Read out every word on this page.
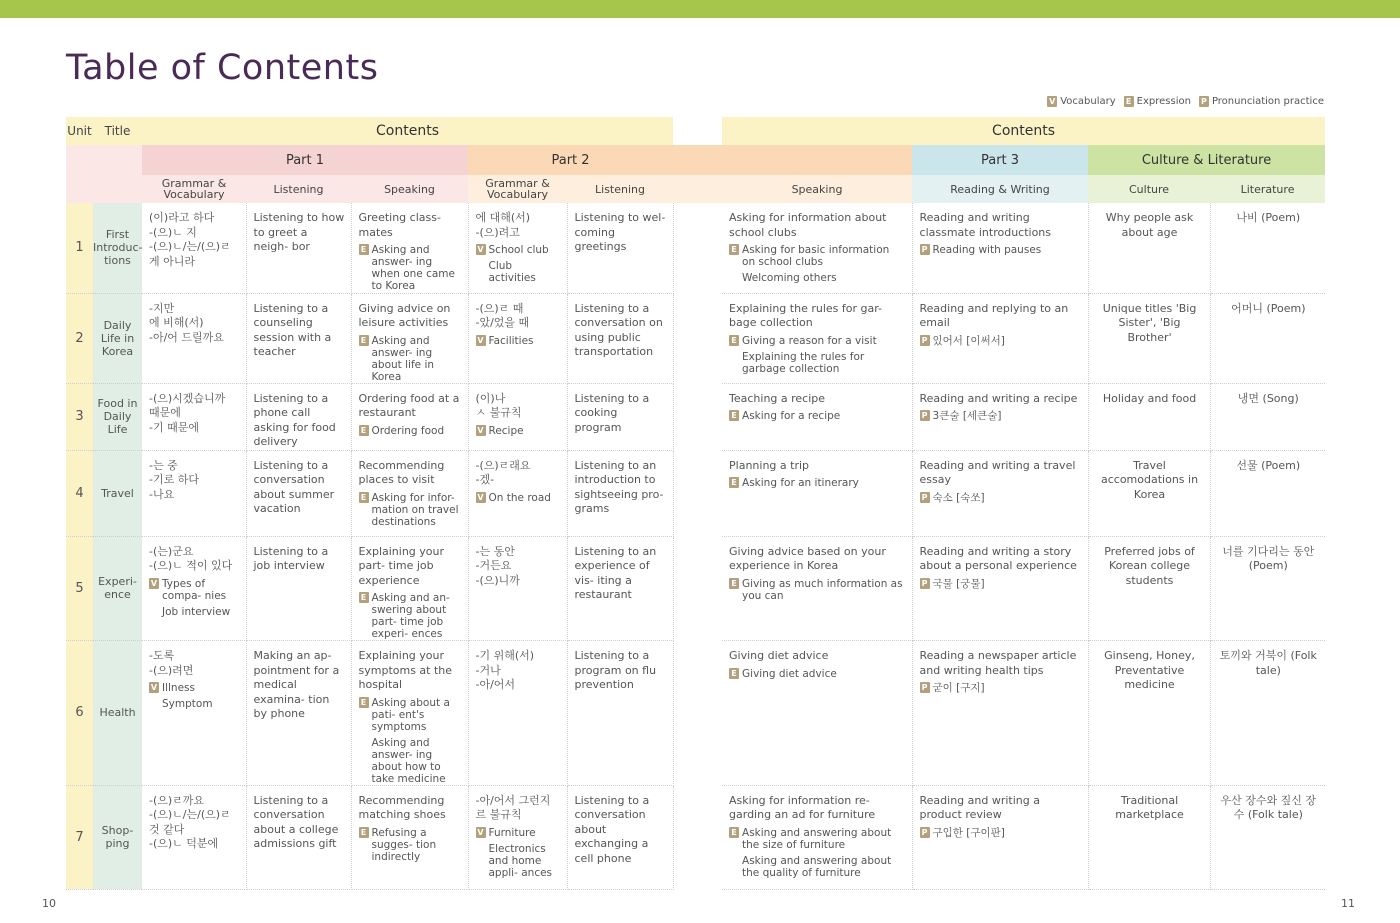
Table of Contents
V Vocabulary E Expression P Pronunciation practice
Unit	Title	Contents						Contents			
		Part 1			Part 2				Part 3	Culture & Literature	
		Grammar & Vocabulary	Listening	Speaking	Grammar & Vocabulary	Listening		Speaking	Reading & Writing	Culture	Literature
1	First Introduc- tions	(이)라고 하다
-(으)ㄴ 지
-(으)ㄴ/는/(으)ㄹ 게 아니라	Listening to how to greet a neigh- bor	Greeting class- mates
E Asking and answer- ing when one came to Korea	에 대해(서)
-(으)려고
V School club
Club activities	Listening to wel- coming greetings		Asking for information about school clubs
E Asking for basic information on school clubs
Welcoming others	Reading and writing classmate introductions
P Reading with pauses	Why people ask about age	나비 (Poem)
2	Daily Life in Korea	-지만
에 비해(서)
-아/어 드릴까요	Listening to a counseling session with a teacher	Giving advice on leisure activities
E Asking and answer- ing about life in Korea	-(으)ㄹ 때
-았/었을 때
V Facilities	Listening to a conversation on using public transportation		Explaining the rules for gar- bage collection
E Giving a reason for a visit
Explaining the rules for garbage collection	Reading and replying to an email
P 있어서 [이써서]	Unique titles 'Big Sister', 'Big Brother'	어머니 (Poem)
3	Food in Daily Life	-(으)시겠습니까
때문에
-기 때문에	Listening to a phone call asking for food delivery	Ordering food at a restaurant
E Ordering food	(이)나
ㅅ 불규칙
V Recipe	Listening to a cooking program		Teaching a recipe
E Asking for a recipe	Reading and writing a recipe
P 3큰술 [세큰술]	Holiday and food	냉면 (Song)
4	Travel	-는 중
-기로 하다
-나요	Listening to a conversation about summer vacation	Recommending places to visit
E Asking for infor- mation on travel destinations	-(으)ㄹ래요
-겠-
V On the road	Listening to an introduction to sightseeing pro- grams		Planning a trip
E Asking for an itinerary	Reading and writing a travel essay
P 숙소 [숙쏘]	Travel accomodations in Korea	선물 (Poem)
5	Experi- ence	-(는)군요
-(으)ㄴ 적이 있다
V Types of compa- nies
Job interview	Listening to a job interview	Explaining your part- time job experience
E Asking and an- swering about part- time job experi- ences	-는 동안
-거든요
-(으)니까	Listening to an experience of vis- iting a restaurant		Giving advice based on your experience in Korea
E Giving as much information as you can	Reading and writing a story about a personal experience
P 국물 [궁물]	Preferred jobs of Korean college students	너를 기다리는 동안 (Poem)
6	Health	-도록
-(으)려면
V Illness
Symptom	Making an ap- pointment for a medical examina- tion by phone	Explaining your symptoms at the hospital
E Asking about a pati- ent's symptoms
Asking and answer- ing about how to take medicine	-기 위해(서)
-거나
-아/어서	Listening to a program on flu prevention		Giving diet advice
E Giving diet advice	Reading a newspaper article and writing health tips
P 굳이 [구지]	Ginseng, Honey, Preventative medicine	토끼와 거북이 (Folk tale)
7	Shop- ping	-(으)ㄹ까요
-(으)ㄴ/는/(으)ㄹ 것 같다
-(으)ㄴ 덕분에	Listening to a conversation about a college admissions gift	Recommending matching shoes
E Refusing a sugges- tion indirectly	-아/어서 그런지
르 불규칙
V Furniture
Electronics and home appli- ances	Listening to a conversation about exchanging a cell phone		Asking for information re- garding an ad for furniture
E Asking and answering about the size of furniture
Asking and answering about the quality of furniture	Reading and writing a product review
P 구입한 [구이판]	Traditional marketplace	우산 장수와 짚신 장수 (Folk tale)
10	11
